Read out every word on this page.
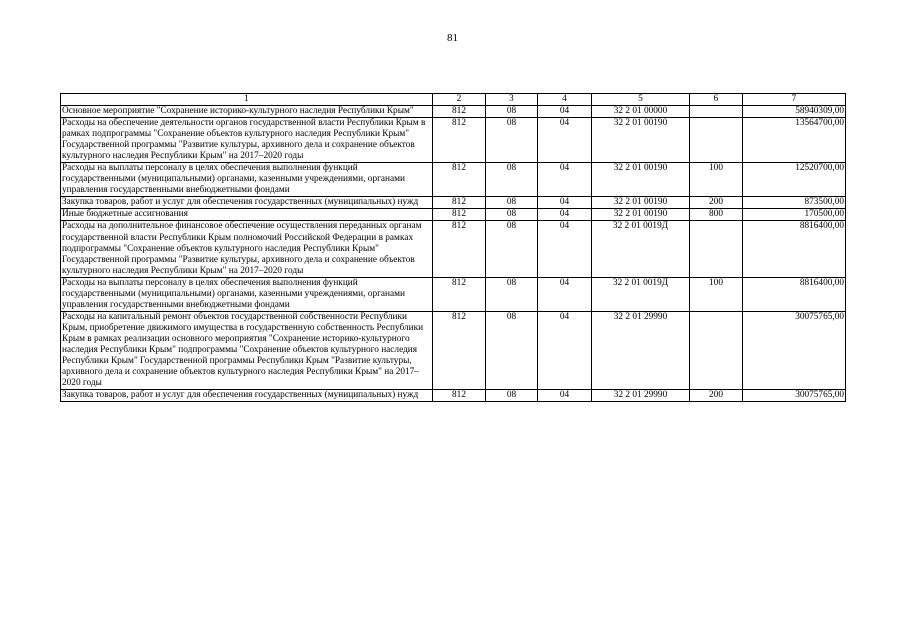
81
1	2	3	4	5	6	7
Основное мероприятие "Сохранение историко-культурного наследия Республики Крым"	812	08	04	32 2 01 00000		58940309,00
Расходы на обеспечение деятельности органов государственной власти Республики Крым в рамках подпрограммы "Сохранение объектов культурного наследия Республики Крым" Государственной программы "Развитие культуры, архивного дела и сохранение объектов культурного наследия Республики Крым" на 2017–2020 годы	812	08	04	32 2 01 00190		13564700,00
Расходы на выплаты персоналу в целях обеспечения выполнения функций государственными (муниципальными) органами, казенными учреждениями, органами управления государственными внебюджетными фондами	812	08	04	32 2 01 00190	100	12520700,00
Закупка товаров, работ и услуг для обеспечения государственных (муниципальных) нужд	812	08	04	32 2 01 00190	200	873500,00
Иные бюджетные ассигнования	812	08	04	32 2 01 00190	800	170500,00
Расходы на дополнительное финансовое обеспечение осуществления переданных органам государственной власти Республики Крым полномочий Российской Федерации в рамках подпрограммы "Сохранение объектов культурного наследия Республики Крым" Государственной программы "Развитие культуры, архивного дела и сохранение объектов культурного наследия Республики Крым" на 2017–2020 годы	812	08	04	32 2 01 0019Д		8816400,00
Расходы на выплаты персоналу в целях обеспечения выполнения функций государственными (муниципальными) органами, казенными учреждениями, органами управления государственными внебюджетными фондами	812	08	04	32 2 01 0019Д	100	8816400,00
Расходы на капитальный ремонт объектов государственной собственности Республики Крым, приобретение движимого имущества в государственную собственность Республики Крым в рамках реализации основного мероприятия "Сохранение историко-культурного наследия Республики Крым" подпрограммы "Сохранение объектов культурного наследия Республики Крым" Государственной программы Республики Крым "Развитие культуры, архивного дела и сохранение объектов культурного наследия Республики Крым" на 2017–2020 годы	812	08	04	32 2 01 29990		30075765,00
Закупка товаров, работ и услуг для обеспечения государственных (муниципальных) нужд	812	08	04	32 2 01 29990	200	30075765,00
